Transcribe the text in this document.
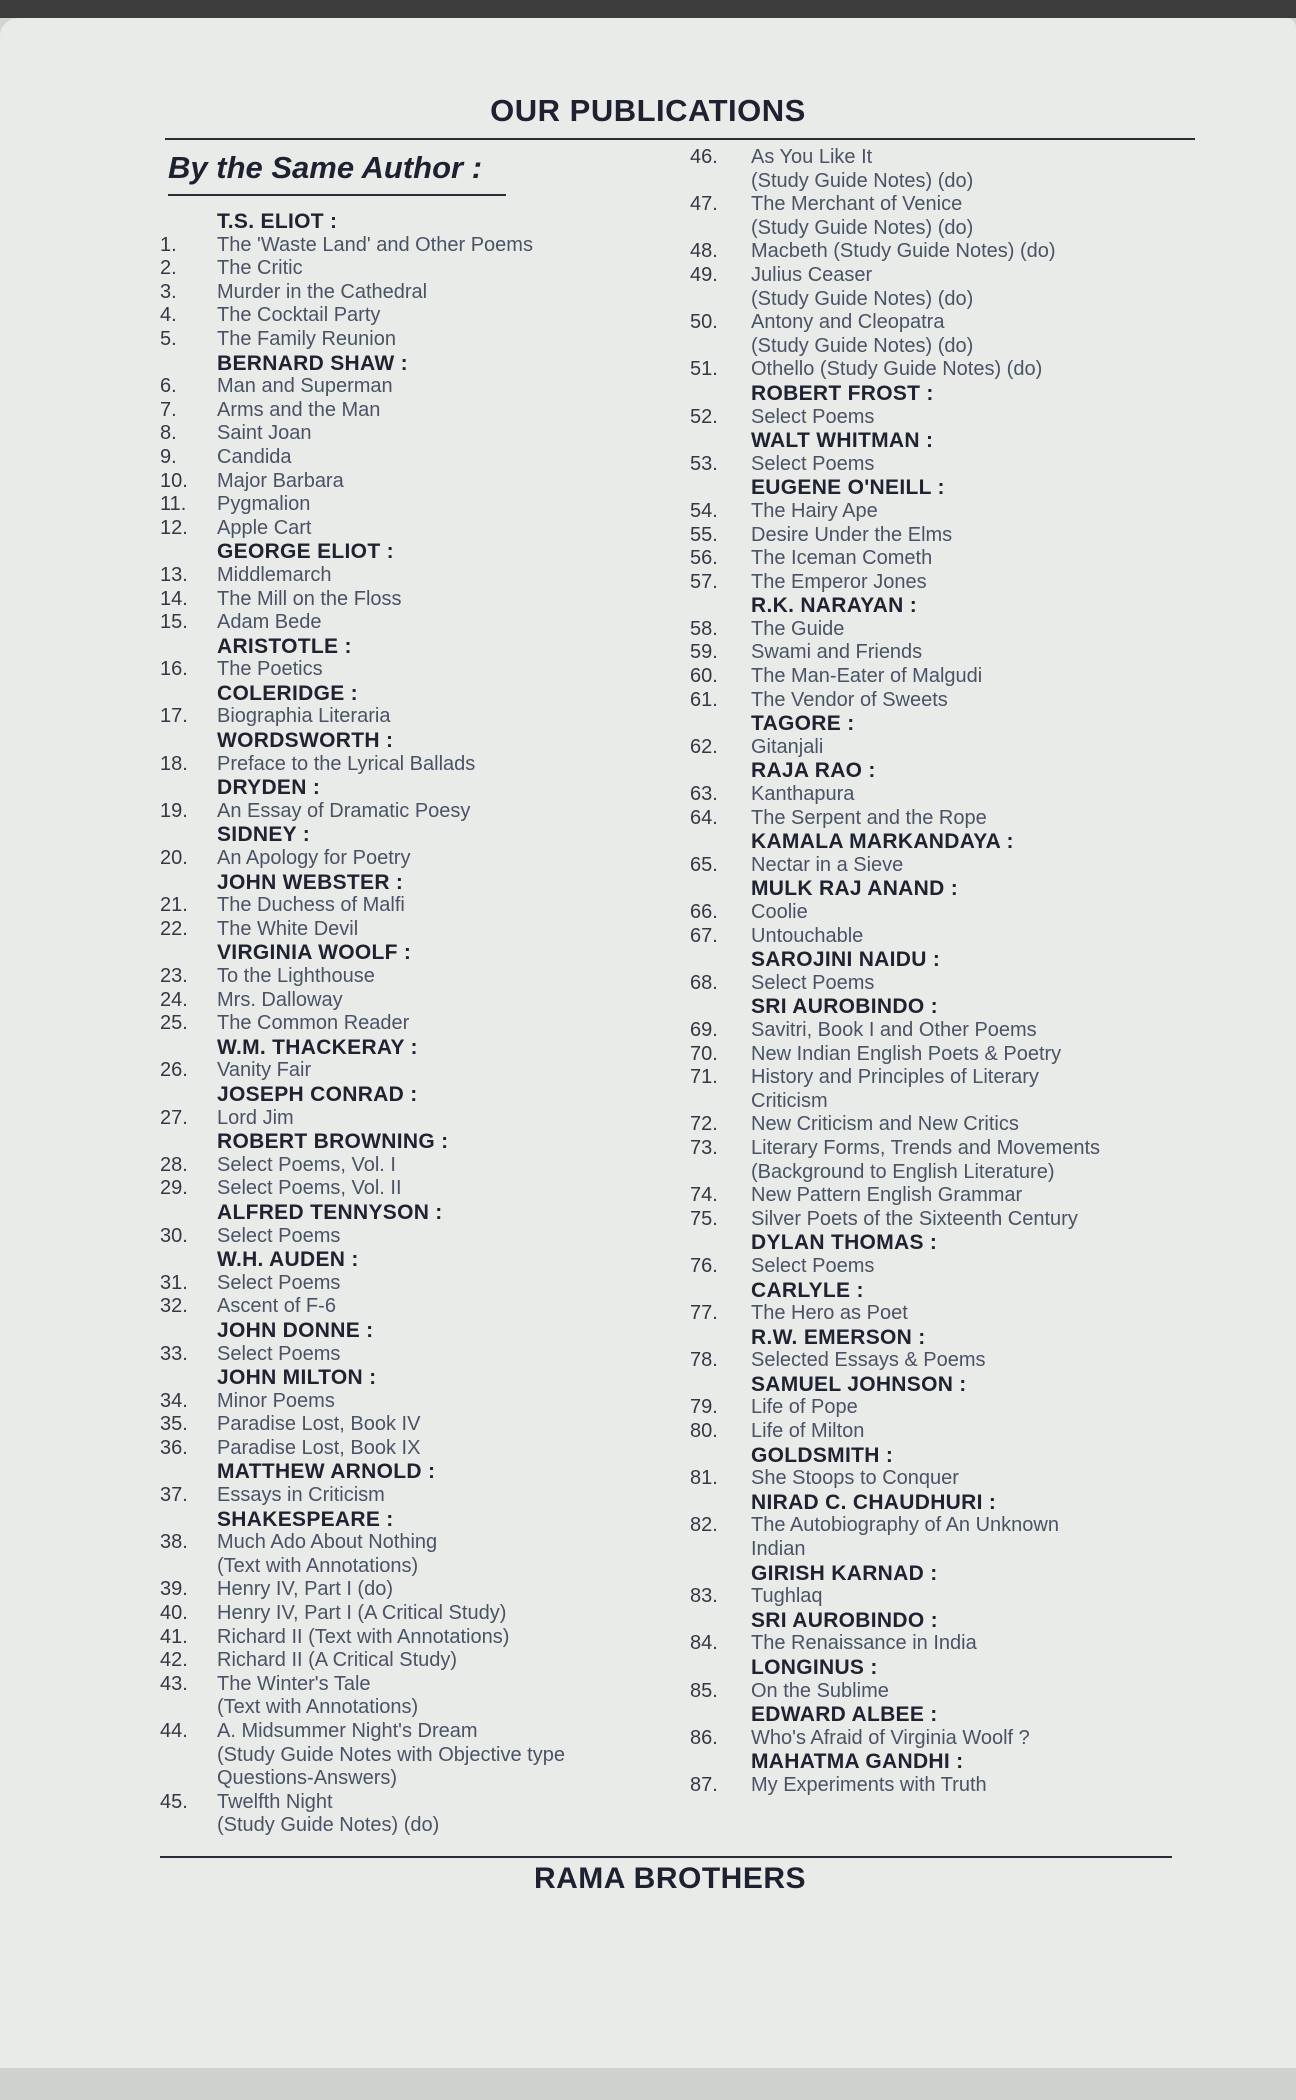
OUR PUBLICATIONS
By the Same Author :
T.S. ELIOT :
1.	The 'Waste Land' and Other Poems
2.	The Critic
3.	Murder in the Cathedral
4.	The Cocktail Party
5.	The Family Reunion
BERNARD SHAW :
6.	Man and Superman
7.	Arms and the Man
8.	Saint Joan
9.	Candida
10.	Major Barbara
11.	Pygmalion
12.	Apple Cart
GEORGE ELIOT :
13.	Middlemarch
14.	The Mill on the Floss
15.	Adam Bede
ARISTOTLE :
16.	The Poetics
COLERIDGE :
17.	Biographia Literaria
WORDSWORTH :
18.	Preface to the Lyrical Ballads
DRYDEN :
19.	An Essay of Dramatic Poesy
SIDNEY :
20.	An Apology for Poetry
JOHN WEBSTER :
21.	The Duchess of Malfi
22.	The White Devil
VIRGINIA WOOLF :
23.	To the Lighthouse
24.	Mrs. Dalloway
25.	The Common Reader
W.M. THACKERAY :
26.	Vanity Fair
JOSEPH CONRAD :
27.	Lord Jim
ROBERT BROWNING :
28.	Select Poems, Vol. I
29.	Select Poems, Vol. II
ALFRED TENNYSON :
30.	Select Poems
W.H. AUDEN :
31.	Select Poems
32.	Ascent of F-6
JOHN DONNE :
33.	Select Poems
JOHN MILTON :
34.	Minor Poems
35.	Paradise Lost, Book IV
36.	Paradise Lost, Book IX
MATTHEW ARNOLD :
37.	Essays in Criticism
SHAKESPEARE :
38.	Much Ado About Nothing
(Text with Annotations)
39.	Henry IV, Part I (do)
40.	Henry IV, Part I (A Critical Study)
41.	Richard II (Text with Annotations)
42.	Richard II (A Critical Study)
43.	The Winter's Tale
(Text with Annotations)
44.	A. Midsummer Night's Dream
(Study Guide Notes with Objective type
Questions-Answers)
45.	Twelfth Night
(Study Guide Notes) (do)
46.	As You Like It
(Study Guide Notes) (do)
47.	The Merchant of Venice
(Study Guide Notes) (do)
48.	Macbeth (Study Guide Notes) (do)
49.	Julius Ceaser
(Study Guide Notes) (do)
50.	Antony and Cleopatra
(Study Guide Notes) (do)
51.	Othello (Study Guide Notes) (do)
ROBERT FROST :
52.	Select Poems
WALT WHITMAN :
53.	Select Poems
EUGENE O'NEILL :
54.	The Hairy Ape
55.	Desire Under the Elms
56.	The Iceman Cometh
57.	The Emperor Jones
R.K. NARAYAN :
58.	The Guide
59.	Swami and Friends
60.	The Man-Eater of Malgudi
61.	The Vendor of Sweets
TAGORE :
62.	Gitanjali
RAJA RAO :
63.	Kanthapura
64.	The Serpent and the Rope
KAMALA MARKANDAYA :
65.	Nectar in a Sieve
MULK RAJ ANAND :
66.	Coolie
67.	Untouchable
SAROJINI NAIDU :
68.	Select Poems
SRI AUROBINDO :
69.	Savitri, Book I and Other Poems
70.	New Indian English Poets & Poetry
71.	History and Principles of Literary
Criticism
72.	New Criticism and New Critics
73.	Literary Forms, Trends and Movements
(Background to English Literature)
74.	New Pattern English Grammar
75.	Silver Poets of the Sixteenth Century
DYLAN THOMAS :
76.	Select Poems
CARLYLE :
77.	The Hero as Poet
R.W. EMERSON :
78.	Selected Essays & Poems
SAMUEL JOHNSON :
79.	Life of Pope
80.	Life of Milton
GOLDSMITH :
81.	She Stoops to Conquer
NIRAD C. CHAUDHURI :
82.	The Autobiography of An Unknown
Indian
GIRISH KARNAD :
83.	Tughlaq
SRI AUROBINDO :
84.	The Renaissance in India
LONGINUS :
85.	On the Sublime
EDWARD ALBEE :
86.	Who's Afraid of Virginia Woolf ?
MAHATMA GANDHI :
87.	My Experiments with Truth
RAMA BROTHERS
